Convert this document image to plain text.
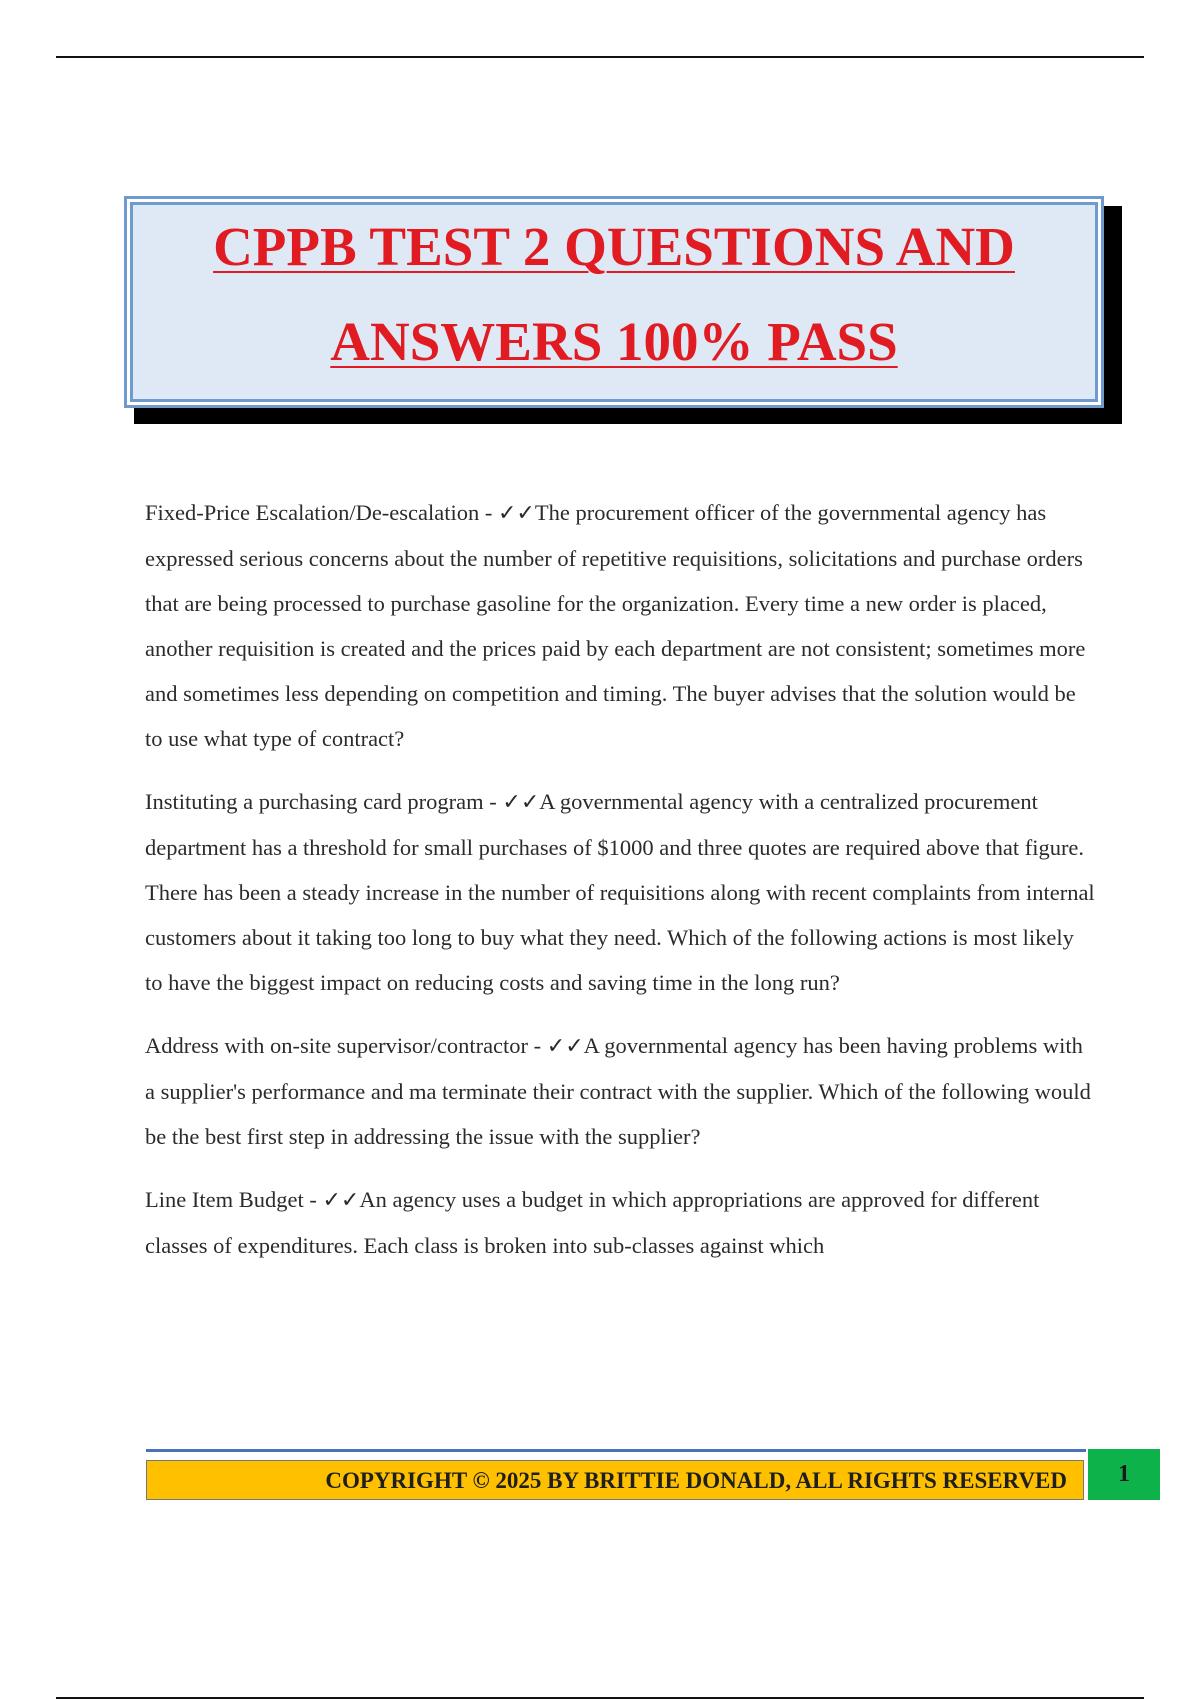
CPPB TEST 2 QUESTIONS AND
ANSWERS 100% PASS

Fixed-Price Escalation/De-escalation - ✓✓The procurement officer of the governmental agency has expressed serious concerns about the number of repetitive requisitions, solicitations and purchase orders that are being processed to purchase gasoline for the organization. Every time a new order is placed, another requisition is created and the prices paid by each department are not consistent; sometimes more and sometimes less depending on competition and timing. The buyer advises that the solution would be to use what type of contract?

Instituting a purchasing card program - ✓✓A governmental agency with a centralized procurement department has a threshold for small purchases of $1000 and three quotes are required above that figure. There has been a steady increase in the number of requisitions along with recent complaints from internal customers about it taking too long to buy what they need. Which of the following actions is most likely to have the biggest impact on reducing costs and saving time in the long run?

Address with on-site supervisor/contractor - ✓✓A governmental agency has been having problems with a supplier's performance and ma terminate their contract with the supplier. Which of the following would be the best first step in addressing the issue with the supplier?

Line Item Budget - ✓✓An agency uses a budget in which appropriations are approved for different classes of expenditures. Each class is broken into sub-classes against which

COPYRIGHT © 2025 BY BRITTIE DONALD, ALL RIGHTS RESERVED	1
